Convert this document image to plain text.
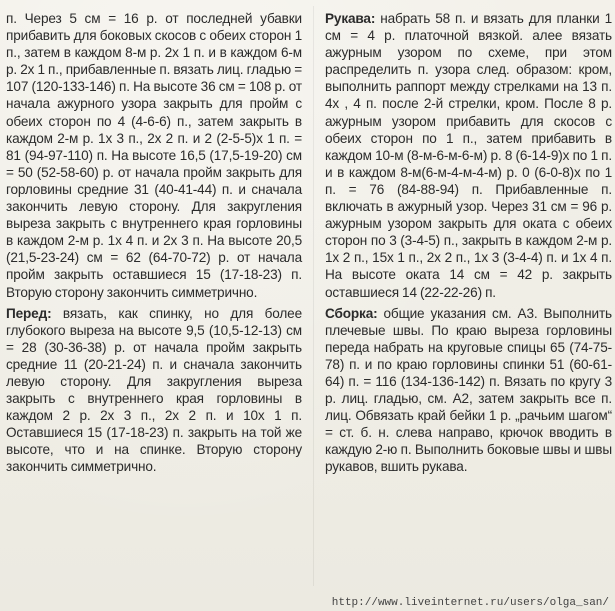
п. Через 5 см = 16 р. от последней убавки прибавить для боковых скосов с обеих сторон 1 п., затем в каждом 8-м р. 2х 1 п. и в каждом 6-м р. 2х 1 п., прибавленные п. вязать лиц. гладью = 107 (120-133-146) п. На высоте 36 см = 108 р. от начала ажурного узора закрыть для пройм с обеих сторон по 4 (4-6-6) п., затем закрыть в каждом 2-м р. 1х 3 п., 2х 2 п. и 2 (2-5-5)х 1 п. = 81 (94-97-110) п. На высоте 16,5 (17,5-19-20) см = 50 (52-58-60) р. от начала пройм закрыть для горловины средние 31 (40-41-44) п. и сначала закончить левую сторону. Для закругления выреза закрыть с внутреннего края горловины в каждом 2-м р. 1х 4 п. и 2х 3 п. На высоте 20,5 (21,5-23-24) см = 62 (64-70-72) р. от начала пройм закрыть оставшиеся 15 (17-18-23) п. Вторую сторону закончить симметрично.

Перед: вязать, как спинку, но для более глубокого выреза на высоте 9,5 (10,5-12-13) см = 28 (30-36-38) р. от начала пройм закрыть средние 11 (20-21-24) п. и сначала закончить левую сторону. Для закругления выреза закрыть с внутреннего края горловины в каждом 2 р. 2х 3 п., 2х 2 п. и 10х 1 п. Оставшиеся 15 (17-18-23) п. закрыть на той же высоте, что и на спинке. Вторую сторону закончить симметрично.

Рукава: набрать 58 п. и вязать для планки 1 см = 4 р. платочной вязкой. алее вязать ажурным узором по схеме, при этом распределить п. узора след. образом: кром, выполнить раппорт между стрелками на 13 п. 4х , 4 п. после 2-й стрелки, кром. После 8 р. ажурным узором прибавить для скосов с обеих сторон по 1 п., затем прибавить в каждом 10-м (8-м-6-м-6-м) р. 8 (6-14-9)х по 1 п. и в каждом 8-м(6-м-4-м-4-м) р. 0 (6-0-8)х по 1 п. = 76 (84-88-94) п. Прибавленные п. включать в ажурный узор. Через 31 см = 96 р. ажурным узором закрыть для оката с обеих сторон по 3 (3-4-5) п., закрыть в каждом 2-м р. 1х 2 п., 15х 1 п., 2х 2 п., 1х 3 (3-4-4) п. и 1х 4 п. На высоте оката 14 см = 42 р. закрыть оставшиеся 14 (22-22-26) п.

Сборка: общие указания см. А3. Выполнить плечевые швы. По краю выреза горловины переда набрать на круговые спицы 65 (74-75-78) п. и по краю горловины спинки 51 (60-61-64) п. = 116 (134-136-142) п. Вязать по кругу 3 р. лиц. гладью, см. А2, затем закрыть все п. лиц. Обвязать край бейки 1 р. „рачьим шагом“ = ст. б. н. слева направо, крючок вводить в каждую 2-ю п. Выполнить боковые швы и швы рукавов, вшить рукава.

http://www.liveinternet.ru/users/olga_san/
